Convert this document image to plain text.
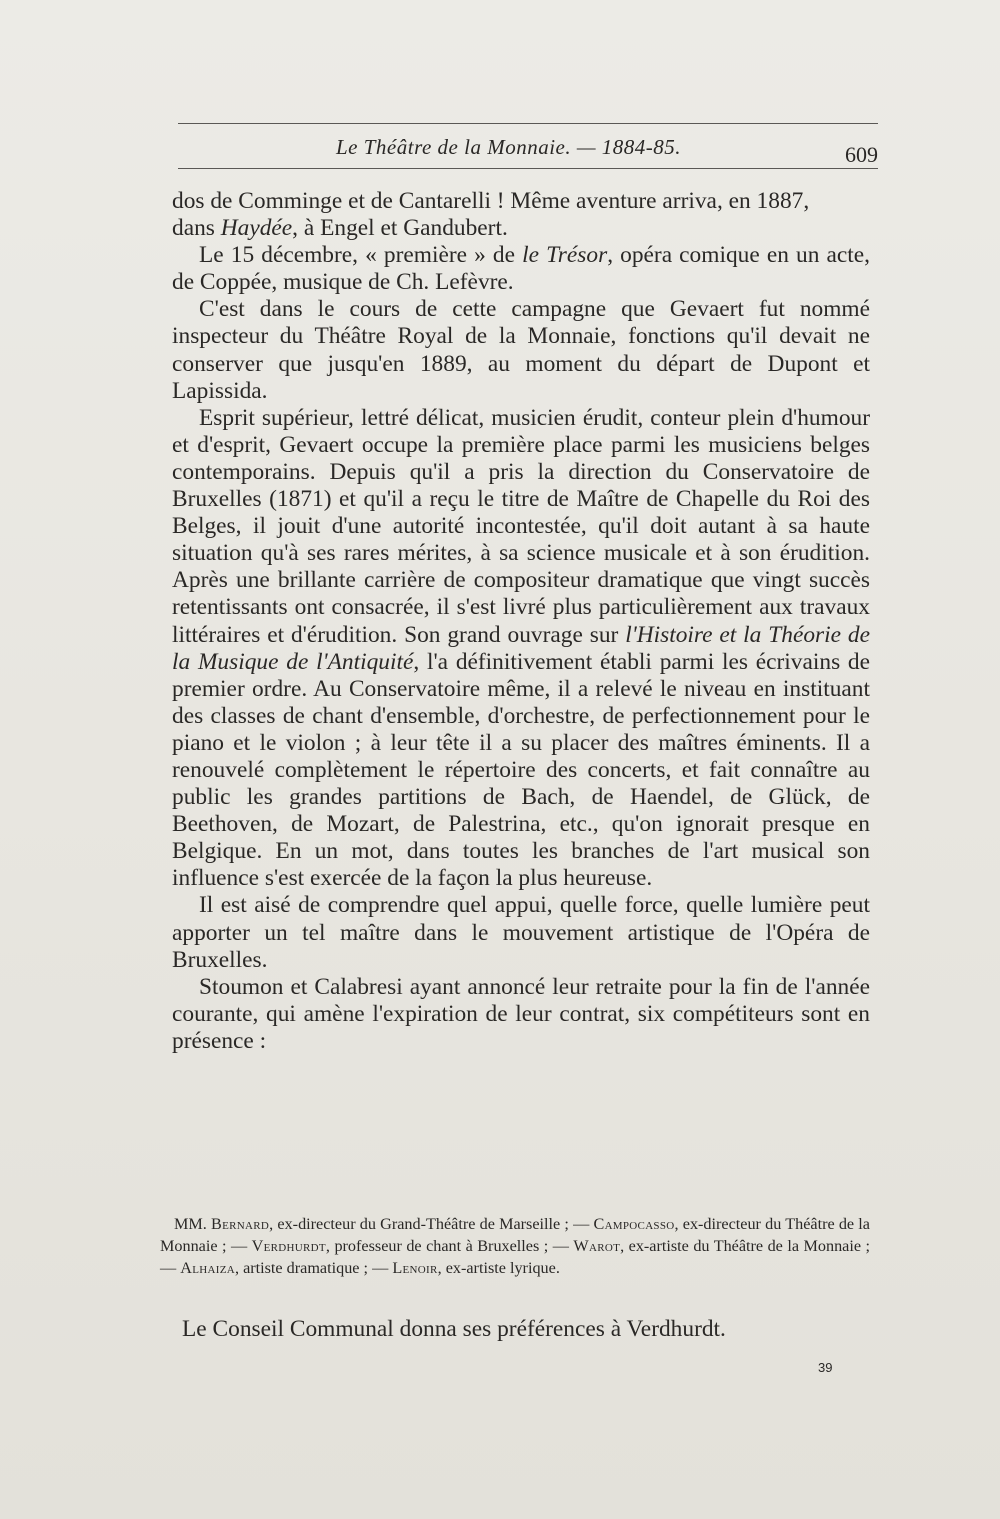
Le Théâtre de la Monnaie. — 1884-85.	609

dos de Comminge et de Cantarelli ! Même aventure arriva, en 1887,
dans Haydée, à Engel et Gandubert.

Le 15 décembre, « première » de le Trésor, opéra comique en un acte, de Coppée, musique de Ch. Lefèvre.

C'est dans le cours de cette campagne que Gevaert fut nommé inspecteur du Théâtre Royal de la Monnaie, fonctions qu'il devait ne conserver que jusqu'en 1889, au moment du départ de Dupont et Lapissida.

Esprit supérieur, lettré délicat, musicien érudit, conteur plein d'humour et d'esprit, Gevaert occupe la première place parmi les musiciens belges contemporains. Depuis qu'il a pris la direction du Conservatoire de Bruxelles (1871) et qu'il a reçu le titre de Maître de Chapelle du Roi des Belges, il jouit d'une autorité incontestée, qu'il doit autant à sa haute situation qu'à ses rares mérites, à sa science musicale et à son érudition. Après une brillante carrière de compositeur dramatique que vingt succès retentissants ont consacrée, il s'est livré plus particulièrement aux travaux littéraires et d'érudition. Son grand ouvrage sur l'Histoire et la Théorie de la Musique de l'Antiquité, l'a définitivement établi parmi les écrivains de premier ordre. Au Conservatoire même, il a relevé le niveau en instituant des classes de chant d'ensemble, d'orchestre, de perfectionnement pour le piano et le violon ; à leur tête il a su placer des maîtres éminents. Il a renouvelé complètement le répertoire des concerts, et fait connaître au public les grandes partitions de Bach, de Haendel, de Glück, de Beethoven, de Mozart, de Palestrina, etc., qu'on ignorait presque en Belgique. En un mot, dans toutes les branches de l'art musical son influence s'est exercée de la façon la plus heureuse.

Il est aisé de comprendre quel appui, quelle force, quelle lumière peut apporter un tel maître dans le mouvement artistique de l'Opéra de Bruxelles.

Stoumon et Calabresi ayant annoncé leur retraite pour la fin de l'année courante, qui amène l'expiration de leur contrat, six compétiteurs sont en présence :

MM. Bernard, ex-directeur du Grand-Théâtre de Marseille ; — Campocasso, ex-directeur du Théâtre de la Monnaie ; — Verdhurdt, professeur de chant à Bruxelles ; — Warot, ex-artiste du Théâtre de la Monnaie ; — Alhaiza, artiste dramatique ; — Lenoir, ex-artiste lyrique.
Le Conseil Communal donna ses préférences à Verdhurdt.
39
